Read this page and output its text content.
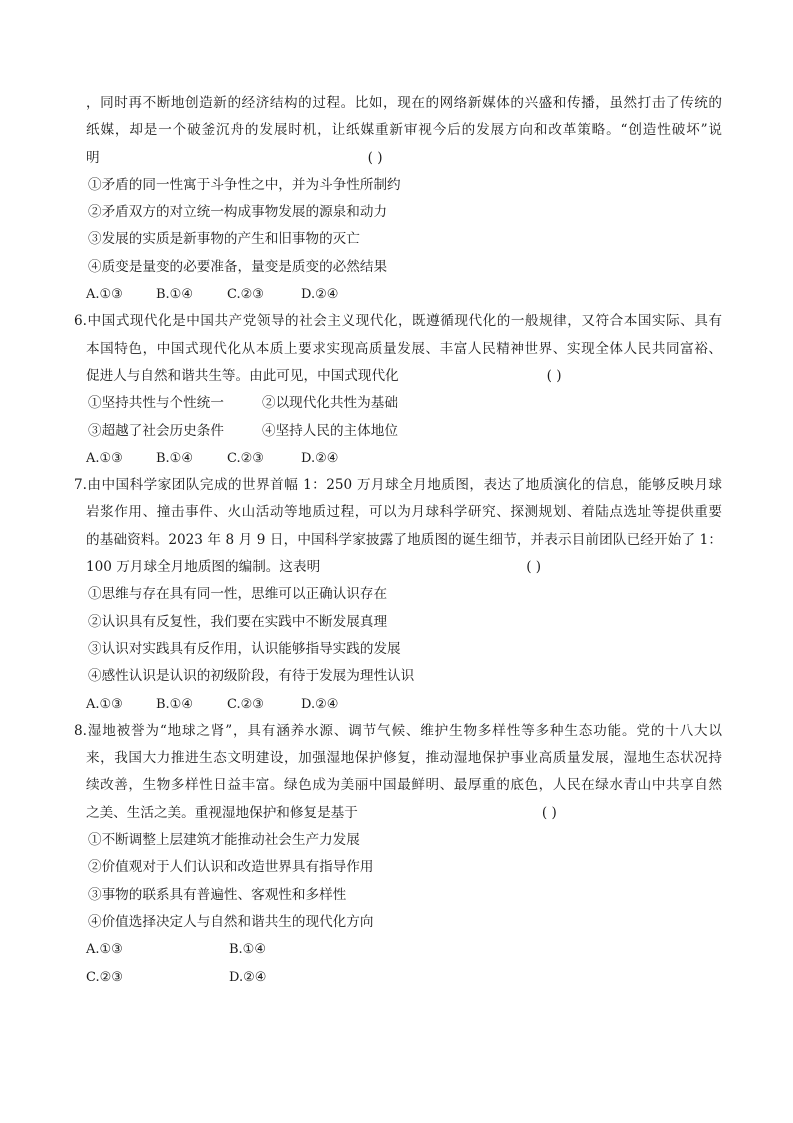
，同时再不断地创造新的经济结构的过程。比如，现在的网络新媒体的兴盛和传播，虽然打击了传统的
纸媒，却是一个破釜沉舟的发展时机，让纸媒重新审视今后的发展方向和改革策略。“创造性破坏”说
明	( )
①矛盾的同一性寓于斗争性之中，并为斗争性所制约
②矛盾双方的对立统一构成事物发展的源泉和动力
③发展的实质是新事物的产生和旧事物的灭亡
④质变是量变的必要准备，量变是质变的必然结果
A.①③	B.①④	C.②③	D.②④
6.中国式现代化是中国共产党领导的社会主义现代化，既遵循现代化的一般规律，又符合本国实际、具有
本国特色，中国式现代化从本质上要求实现高质量发展、丰富人民精神世界、实现全体人民共同富裕、
促进人与自然和谐共生等。由此可见，中国式现代化	( )
①坚持共性与个性统一	②以现代化共性为基础
③超越了社会历史条件	④坚持人民的主体地位
A.①③	B.①④	C.②③	D.②④
7.由中国科学家团队完成的世界首幅 1：250 万月球全月地质图，表达了地质演化的信息，能够反映月球
岩浆作用、撞击事件、火山活动等地质过程，可以为月球科学研究、探测规划、着陆点选址等提供重要
的基础资料。2023 年 8 月 9 日，中国科学家披露了地质图的诞生细节，并表示目前团队已经开始了 1：
100 万月球全月地质图的编制。这表明	( )
①思维与存在具有同一性，思维可以正确认识存在
②认识具有反复性，我们要在实践中不断发展真理
③认识对实践具有反作用，认识能够指导实践的发展
④感性认识是认识的初级阶段，有待于发展为理性认识
A.①③	B.①④	C.②③	D.②④
8.湿地被誉为“地球之肾”，具有涵养水源、调节气候、维护生物多样性等多种生态功能。党的十八大以
来，我国大力推进生态文明建设，加强湿地保护修复，推动湿地保护事业高质量发展，湿地生态状况持
续改善，生物多样性日益丰富。绿色成为美丽中国最鲜明、最厚重的底色，人民在绿水青山中共享自然
之美、生活之美。重视湿地保护和修复是基于	( )
①不断调整上层建筑才能推动社会生产力发展
②价值观对于人们认识和改造世界具有指导作用
③事物的联系具有普遍性、客观性和多样性
④价值选择决定人与自然和谐共生的现代化方向
A.①③	B.①④
C.②③	D.②④
